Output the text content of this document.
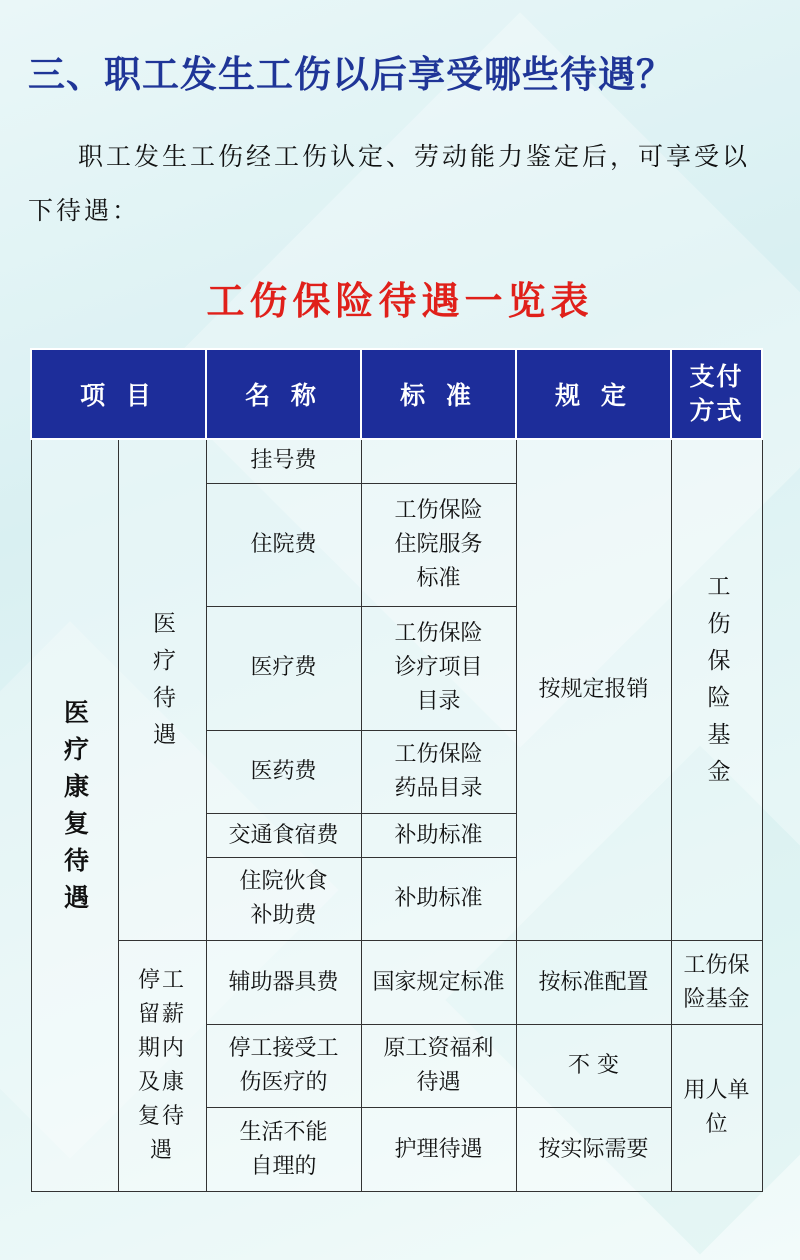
三、职工发生工伤以后享受哪些待遇？
职工发生工伤经工伤认定、劳动能力鉴定后，可享受以下待遇：
工伤保险待遇一览表
项 目		名 称	标 准	规 定	支付方式
医疗康复待遇	医疗待遇	挂号费		按规定报销	工伤保险基金
		住院费	工伤保险住院服务标准		
		医疗费	工伤保险诊疗项目目录		
		医药费	工伤保险药品目录		
		交通食宿费	补助标准		
		住院伙食补助费	补助标准		
	停工留薪期内及康复待遇	辅助器具费	国家规定标准	按标准配置	工伤保险基金
		停工接受工伤医疗的	原工资福利待遇	不 变	用人单位
		生活不能自理的	护理待遇	按实际需要	
